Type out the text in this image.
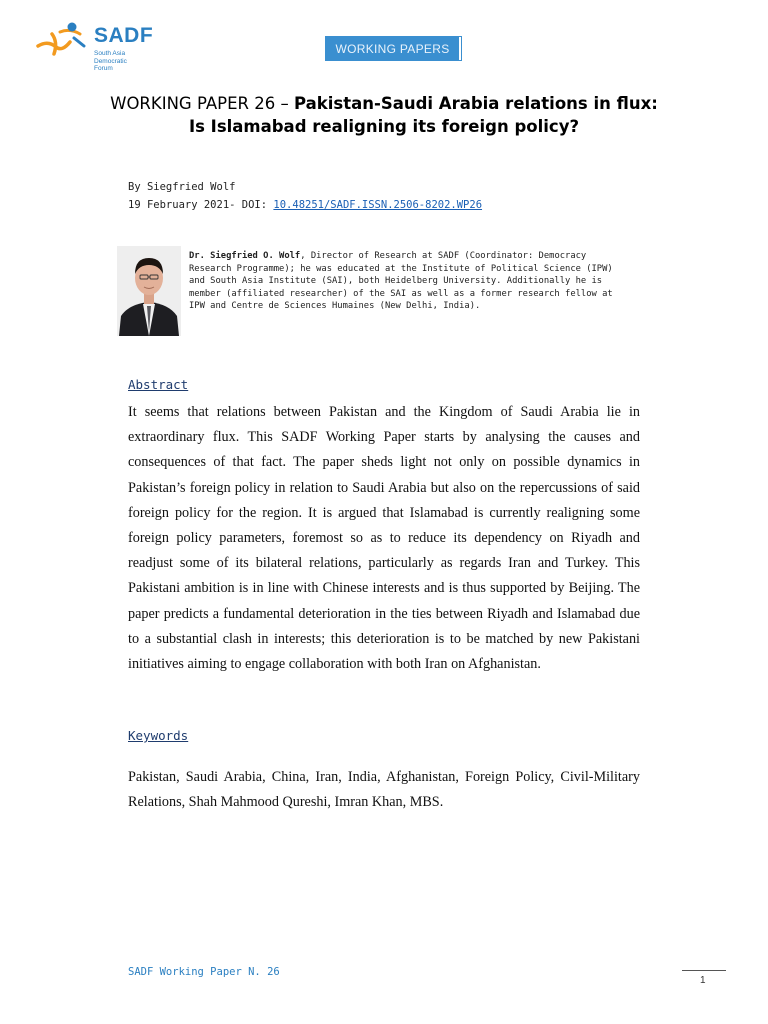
SADF
South Asia
Democratic
Forum
WORKING PAPERS
WORKING PAPER 26 – Pakistan-Saudi Arabia relations in flux: Is Islamabad realigning its foreign policy?
By Siegfried Wolf
19 February 2021- DOI: 10.48251/SADF.ISSN.2506-8202.WP26
Dr. Siegfried O. Wolf, Director of Research at SADF (Coordinator: Democracy Research Programme); he was educated at the Institute of Political Science (IPW) and South Asia Institute (SAI), both Heidelberg University. Additionally he is member (affiliated researcher) of the SAI as well as a former research fellow at IPW and Centre de Sciences Humaines (New Delhi, India).
Abstract
It seems that relations between Pakistan and the Kingdom of Saudi Arabia lie in extraordinary flux. This SADF Working Paper starts by analysing the causes and consequences of that fact. The paper sheds light not only on possible dynamics in Pakistan’s foreign policy in relation to Saudi Arabia but also on the repercussions of said foreign policy for the region. It is argued that Islamabad is currently realigning some foreign policy parameters, foremost so as to reduce its dependency on Riyadh and readjust some of its bilateral relations, particularly as regards Iran and Turkey. This Pakistani ambition is in line with Chinese interests and is thus supported by Beijing. The paper predicts a fundamental deterioration in the ties between Riyadh and Islamabad due to a substantial clash in interests; this deterioration is to be matched by new Pakistani initiatives aiming to engage collaboration with both Iran on Afghanistan.
Keywords
Pakistan, Saudi Arabia, China, Iran, India, Afghanistan, Foreign Policy, Civil-Military Relations, Shah Mahmood Qureshi, Imran Khan, MBS.
SADF Working Paper N. 26
1
